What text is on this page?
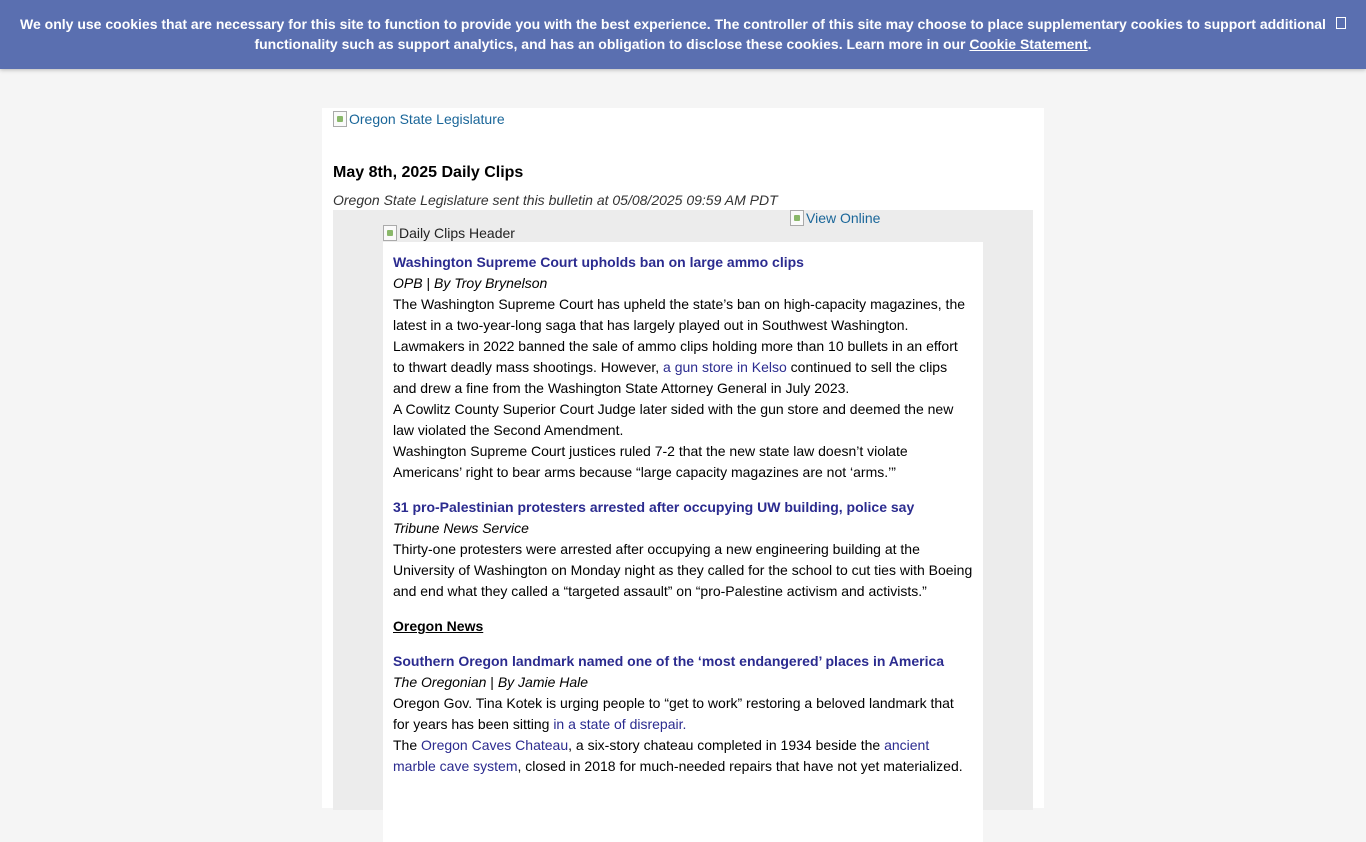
We only use cookies that are necessary for this site to function to provide you with the best experience. The controller of this site may choose to place supplementary cookies to support additional functionality such as support analytics, and has an obligation to disclose these cookies. Learn more in our Cookie Statement.
Oregon State Legislature
May 8th, 2025 Daily Clips
Oregon State Legislature sent this bulletin at 05/08/2025 09:59 AM PDT
View Online
Daily Clips Header
Washington Supreme Court upholds ban on large ammo clips
OPB | By Troy Brynelson

The Washington Supreme Court has upheld the state’s ban on high-capacity magazines, the latest in a two-year-long saga that has largely played out in Southwest Washington.

Lawmakers in 2022 banned the sale of ammo clips holding more than 10 bullets in an effort to thwart deadly mass shootings. However, a gun store in Kelso continued to sell the clips and drew a fine from the Washington State Attorney General in July 2023.

A Cowlitz County Superior Court Judge later sided with the gun store and deemed the new law violated the Second Amendment.

Washington Supreme Court justices ruled 7-2 that the new state law doesn’t violate Americans’ right to bear arms because “large capacity magazines are not ‘arms.’”

31 pro-Palestinian protesters arrested after occupying UW building, police say
Tribune News Service

Thirty-one protesters were arrested after occupying a new engineering building at the University of Washington on Monday night as they called for the school to cut ties with Boeing and end what they called a “targeted assault” on “pro-Palestine activism and activists.”

Oregon News
Southern Oregon landmark named one of the ‘most endangered’ places in America
The Oregonian | By Jamie Hale

Oregon Gov. Tina Kotek is urging people to “get to work” restoring a beloved landmark that for years has been sitting in a state of disrepair.

The Oregon Caves Chateau, a six-story chateau completed in 1934 beside the ancient marble cave system, closed in 2018 for much-needed repairs that have not yet materialized.
